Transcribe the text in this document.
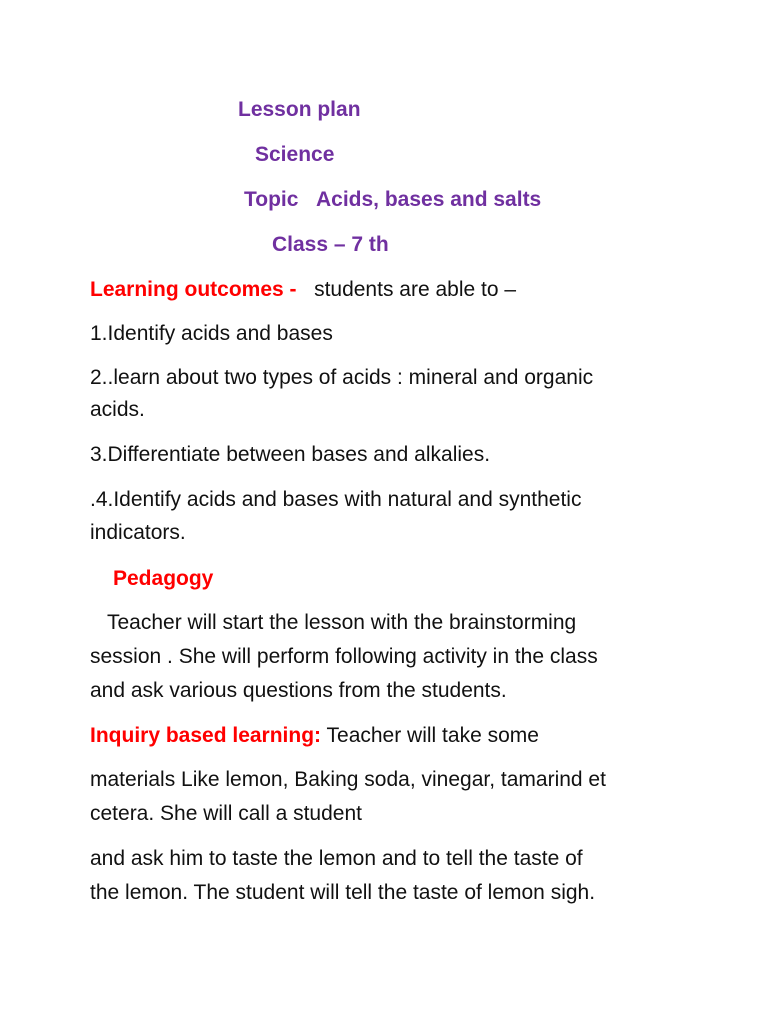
Lesson plan
Science
Topic Acids, bases and salts
Class – 7 th
Learning outcomes - students are able to –
1.Identify acids and bases
2..learn about two types of acids : mineral and organic
acids.
3.Differentiate between bases and alkalies.
.4.Identify acids and bases with natural and synthetic
indicators.
Pedagogy
Teacher will start the lesson with the brainstorming
session . She will perform following activity in the class
and ask various questions from the students.
Inquiry based learning: Teacher will take some
materials Like lemon, Baking soda, vinegar, tamarind et
cetera. She will call a student
and ask him to taste the lemon and to tell the taste of
the lemon. The student will tell the taste of lemon sigh.
